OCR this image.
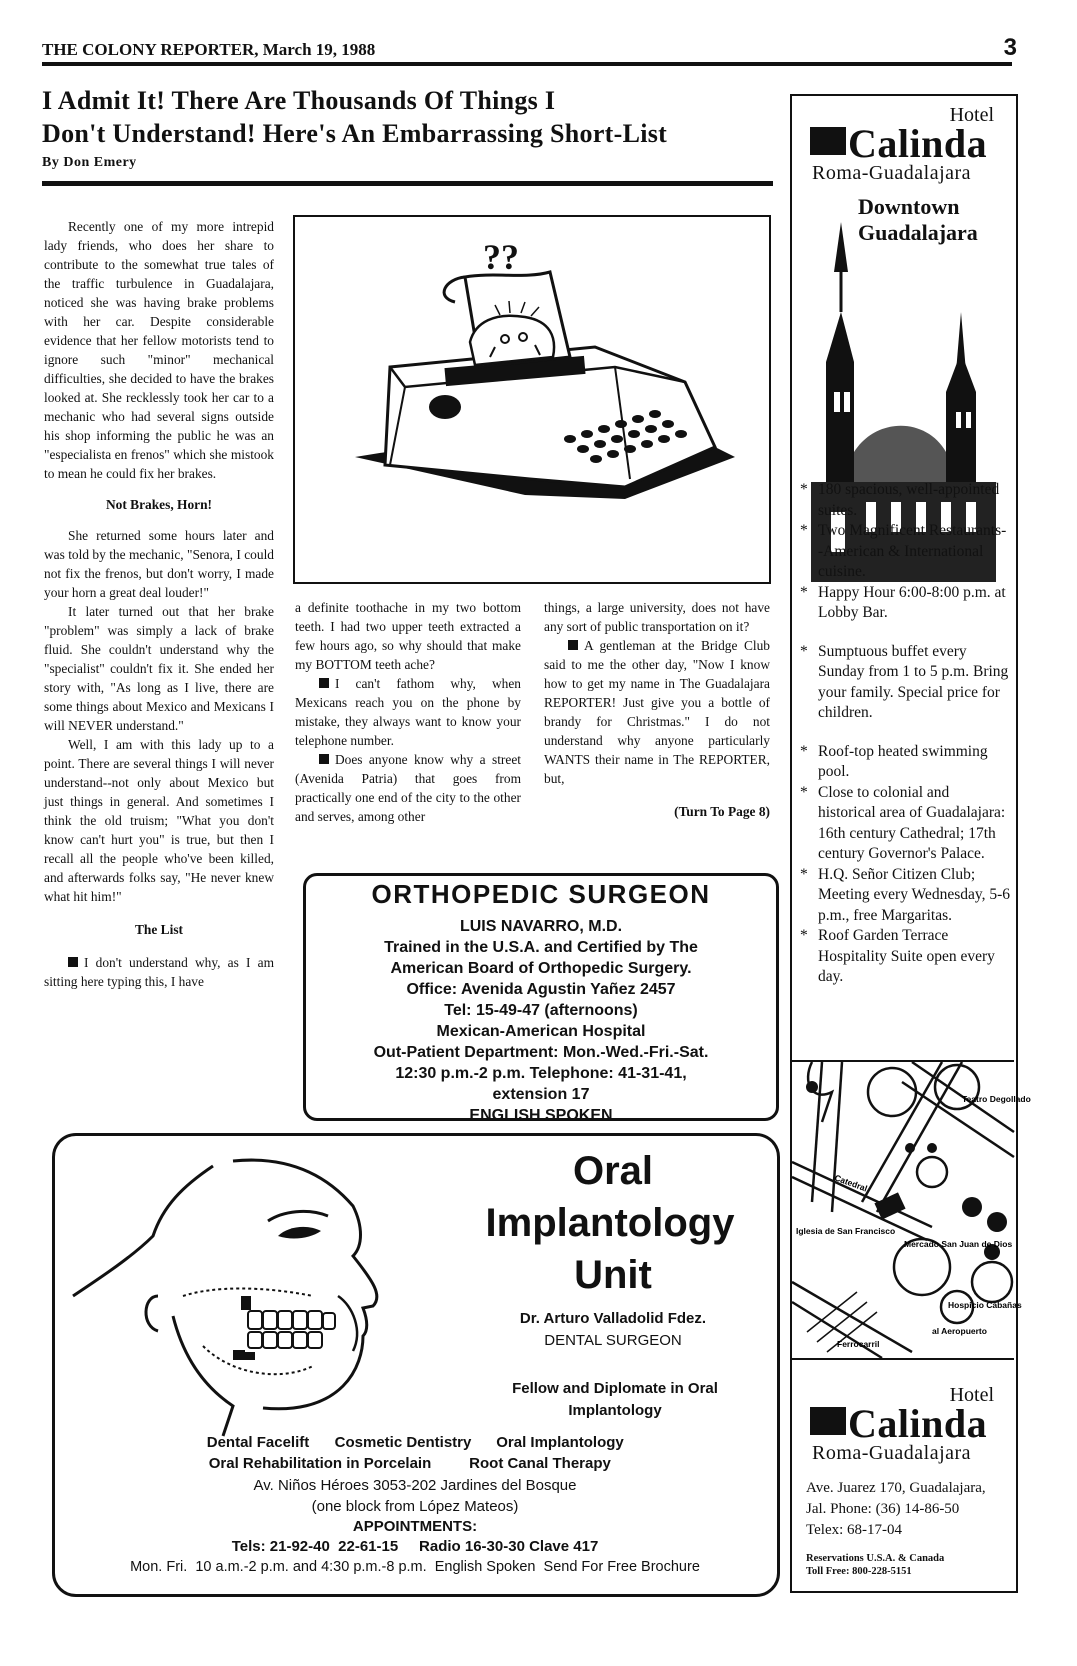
THE COLONY REPORTER, March 19, 1988	3
I Admit It! There Are Thousands Of Things I
Don't Understand! Here's An Embarrassing Short-List
By Don Emery

Recently one of my more intrepid lady friends, who does her share to contribute to the somewhat true tales of the traffic turbulence in Guadalajara, noticed she was having brake problems with her car. Despite considerable evidence that her fellow motorists tend to ignore such "minor" mechanical difficulties, she decided to have the brakes looked at. She recklessly took her car to a mechanic who had several signs outside his shop informing the public he was an "especialista en frenos" which she mistook to mean he could fix her brakes.

Not Brakes, Horn!

She returned some hours later and was told by the mechanic, "Senora, I could not fix the frenos, but don't worry, I made your horn a great deal louder!"

It later turned out that her brake "problem" was simply a lack of brake fluid. She couldn't understand why the "specialist" couldn't fix it. She ended her story with, "As long as I live, there are some things about Mexico and Mexicans I will NEVER understand."

Well, I am with this lady up to a point. There are several things I will never understand--not only about Mexico but just things in general. And sometimes I think the old truism; "What you don't know can't hurt you" is true, but then I recall all the people who've been killed, and afterwards folks say, "He never knew what hit him!"

The List

I don't understand why, as I am sitting here typing this, I have

??

a definite toothache in my two bottom teeth. I had two upper teeth extracted a few hours ago, so why should that make my BOTTOM teeth ache?

I can't fathom why, when Mexicans reach you on the phone by mistake, they always want to know your telephone number.

Does anyone know why a street (Avenida Patria) that goes from practically one end of the city to the other and serves, among other

things, a large university, does not have any sort of public transportation on it?

A gentleman at the Bridge Club said to me the other day, "Now I know how to get my name in The Guadalajara REPORTER! Just give you a bottle of brandy for Christmas." I do not understand why anyone particularly WANTS their name in The REPORTER, but,

(Turn To Page 8)
ORTHOPEDIC SURGEON
LUIS NAVARRO, M.D.
Trained in the U.S.A. and Certified by The
American Board of Orthopedic Surgery.
Office: Avenida Agustin Yañez 2457
Tel: 15-49-47 (afternoons)
Mexican-American Hospital
Out-Patient Department: Mon.-Wed.-Fri.-Sat.
12:30 p.m.-2 p.m. Telephone: 41-31-41,
extension 17
ENGLISH SPOKEN
Oral
Implantology
Unit
Dr. Arturo Valladolid Fdez.
DENTAL SURGEON
Fellow and Diplomate in Oral
Implantology
Dental Facelift	Cosmetic Dentistry	Oral Implantology
Oral Rehabilitation in Porcelain	Root Canal Therapy
Av. Niños Héroes 3053-202 Jardines del Bosque
(one block from López Mateos)
APPOINTMENTS:
Tels: 21-92-40  22-61-15     Radio 16-30-30 Clave 417
Mon. Fri.  10 a.m.-2 p.m. and 4:30 p.m.-8 p.m.  English Spoken  Send For Free Brochure
Hotel
Calinda
Roma-Guadalajara
Downtown
Guadalajara
* 180 spacious, well-appointed suites.
* Two Magnificent Restaurants--American & International cuisine.
* Happy Hour 6:00-8:00 p.m. at Lobby Bar.
* Sumptuous buffet every Sunday from 1 to 5 p.m. Bring your family. Special price for children.
* Roof-top heated swimming pool.
* Close to colonial and historical area of Guadalajara: 16th century Cathedral; 17th century Governor's Palace.
* H.Q. Señor Citizen Club; Meeting every Wednesday, 5-6 p.m., free Margaritas.
* Roof Garden Terrace Hospitality Suite open every day.
Teatro Degollado
Catedral
Iglesia de San Francisco
Mercado San Juan de Dios
Hospicio Cabañas
al Aeropuerto
Ferrocarril
Hotel
Calinda
Roma-Guadalajara
Ave. Juarez 170, Guadalajara,
Jal. Phone: (36) 14-86-50
Telex: 68-17-04
Reservations U.S.A. & Canada
Toll Free: 800-228-5151
